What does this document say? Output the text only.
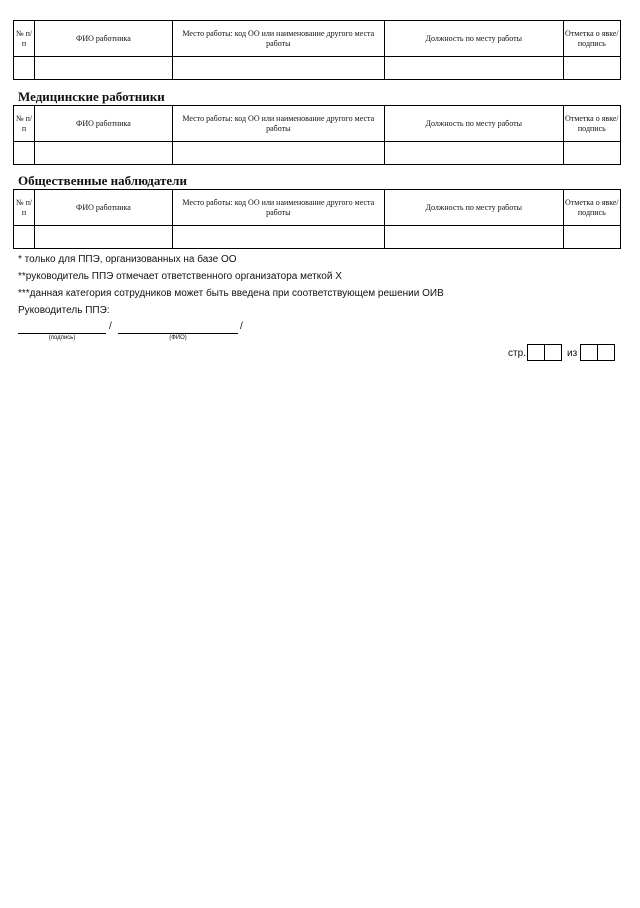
№ п/п	ФИО работника	Место работы: код ОО или наименование другого места работы	Должность по месту работы	Отметка о явке/ подпись

Медицинские работники
№ п/п	ФИО работника	Место работы: код ОО или наименование другого места работы	Должность по месту работы	Отметка о явке/ подпись

Общественные наблюдатели
№ п/п	ФИО работника	Место работы: код ОО или наименование другого места работы	Должность по месту работы	Отметка о явке/ подпись

* только для ППЭ, организованных на базе ОО
**руководитель ППЭ отмечает ответственного организатора меткой Х
***данная категория сотрудников может быть введена при соответствующем решении ОИВ
Руководитель ППЭ:
/	/
(подпись)	(ФИО)
стр.	из
